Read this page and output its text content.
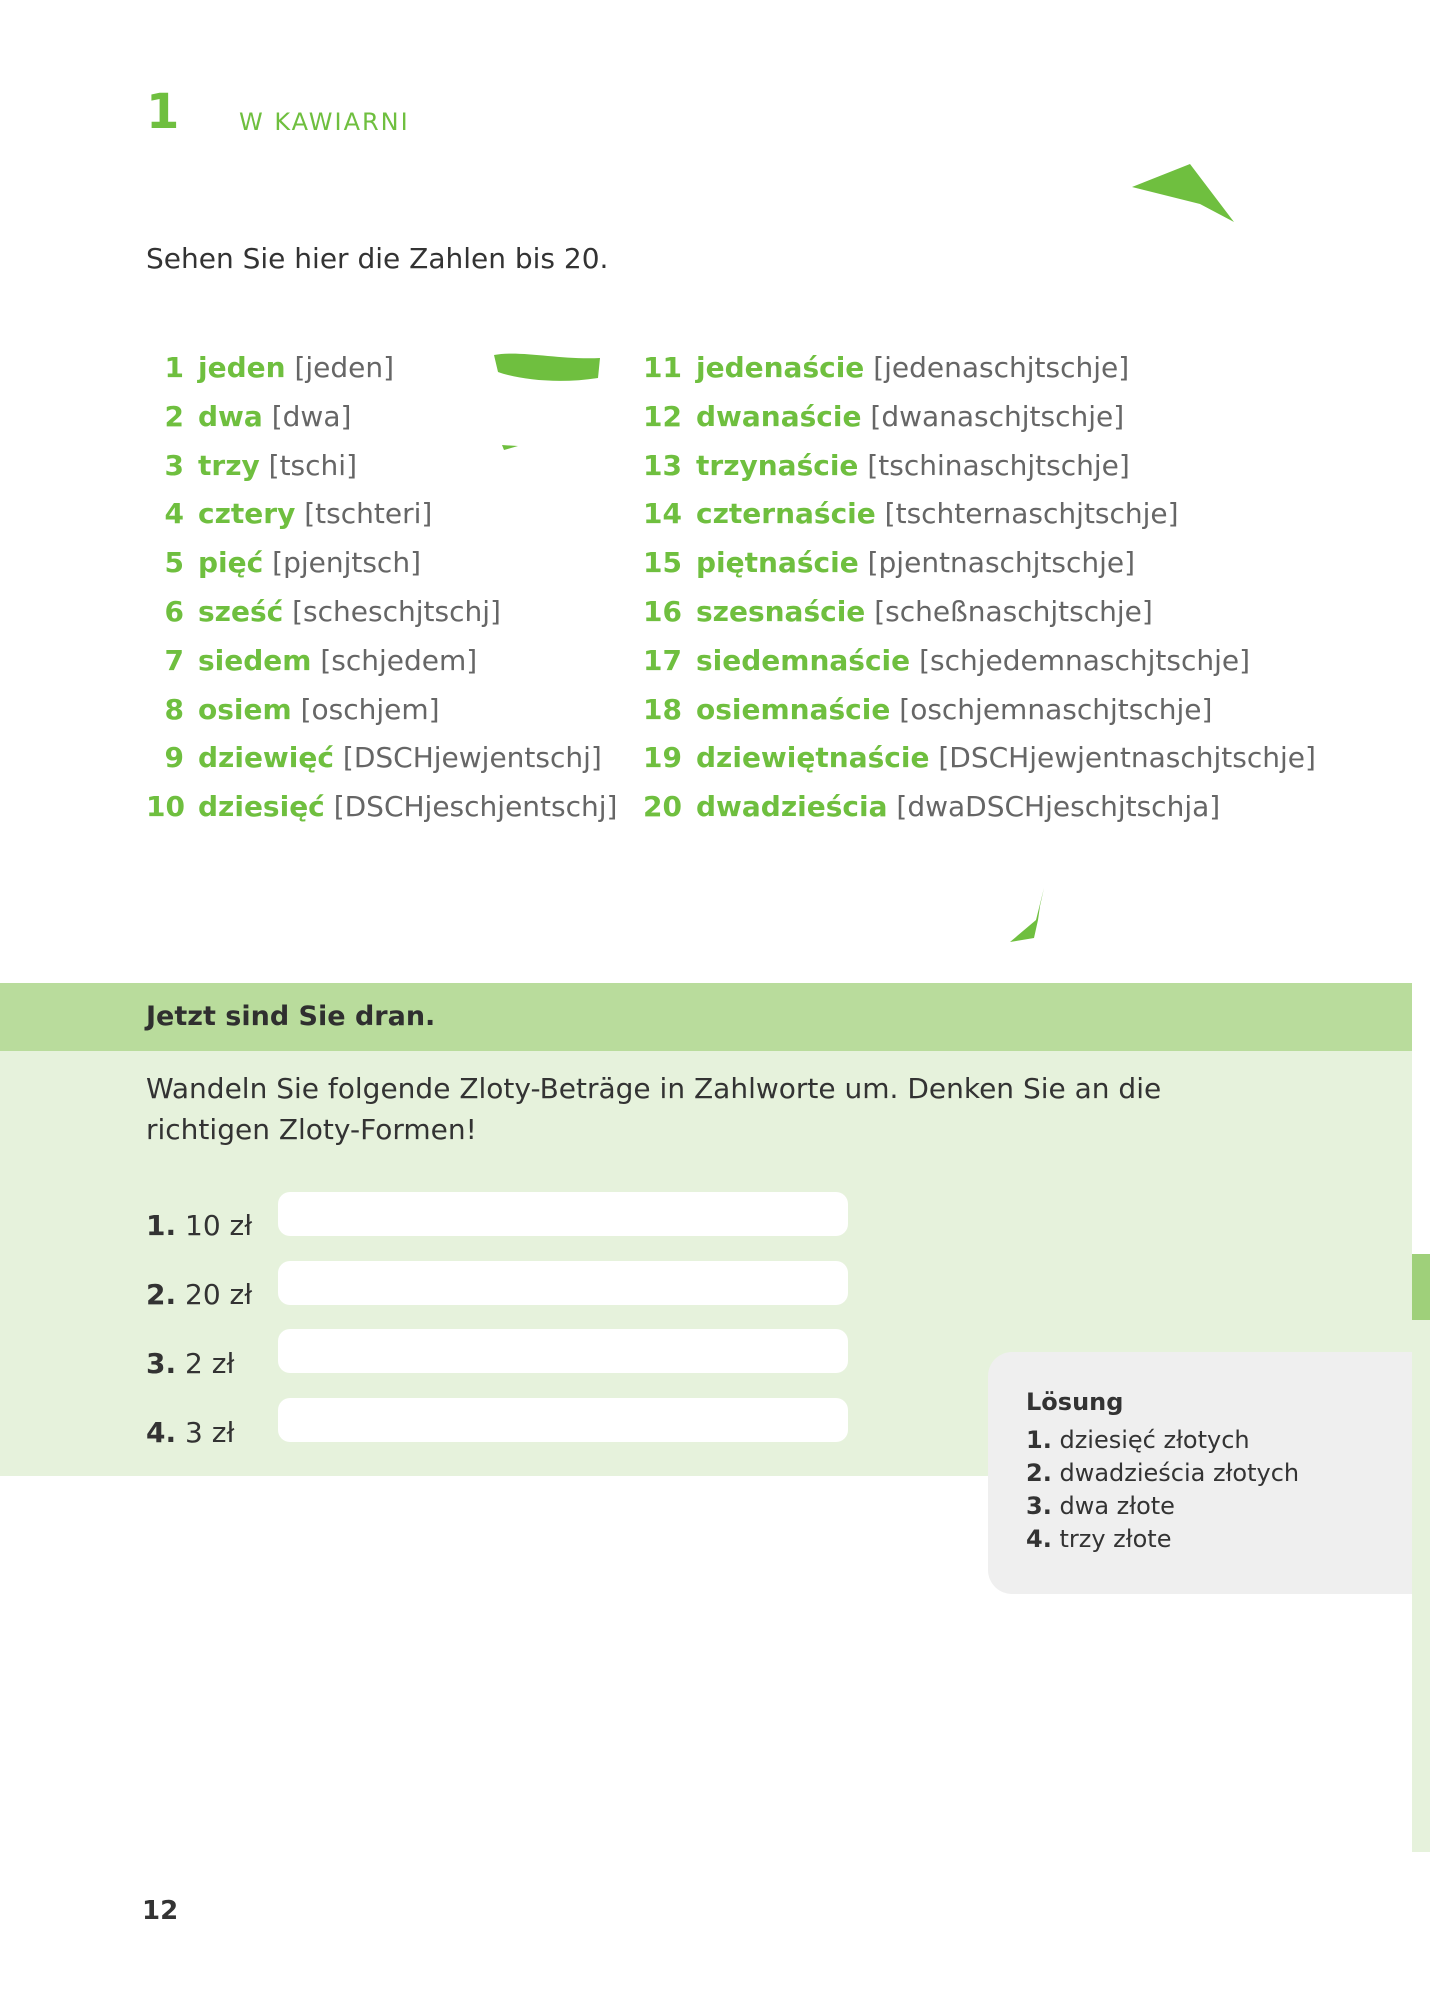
1 W KAWIARNI
Sehen Sie hier die Zahlen bis 20.
1 jeden [jeden]
2 dwa [dwa]
3 trzy [tschi]
4 cztery [tschteri]
5 pięć [pjenjtsch]
6 sześć [scheschjtschj]
7 siedem [schjedem]
8 osiem [oschjem]
9 dziewięć [DSCHjewjentschj]
10 dziesięć [DSCHjeschjentschj]
11 jedenaście [jedenaschjtschje]
12 dwanaście [dwanaschjtschje]
13 trzynaście [tschinaschjtschje]
14 czternaście [tschternaschjtschje]
15 piętnaście [pjentnaschjtschje]
16 szesnaście [scheßnaschjtschje]
17 siedemnaście [schjedemnaschjtschje]
18 osiemnaście [oschjemnaschjtschje]
19 dziewiętnaście [DSCHjewjentnaschjtschje]
20 dwadzieścia [dwaDSCHjeschjtschja]
Jetzt sind Sie dran.

Wandeln Sie folgende Zloty-Beträge in Zahlworte um. Denken Sie an die richtigen Zloty-Formen!

1. 10 zł
2. 20 zł
3. 2 zł
4. 3 zł
Lösung
1. dziesięć złotych
2. dwadzieścia złotych
3. dwa złote
4. trzy złote
12
